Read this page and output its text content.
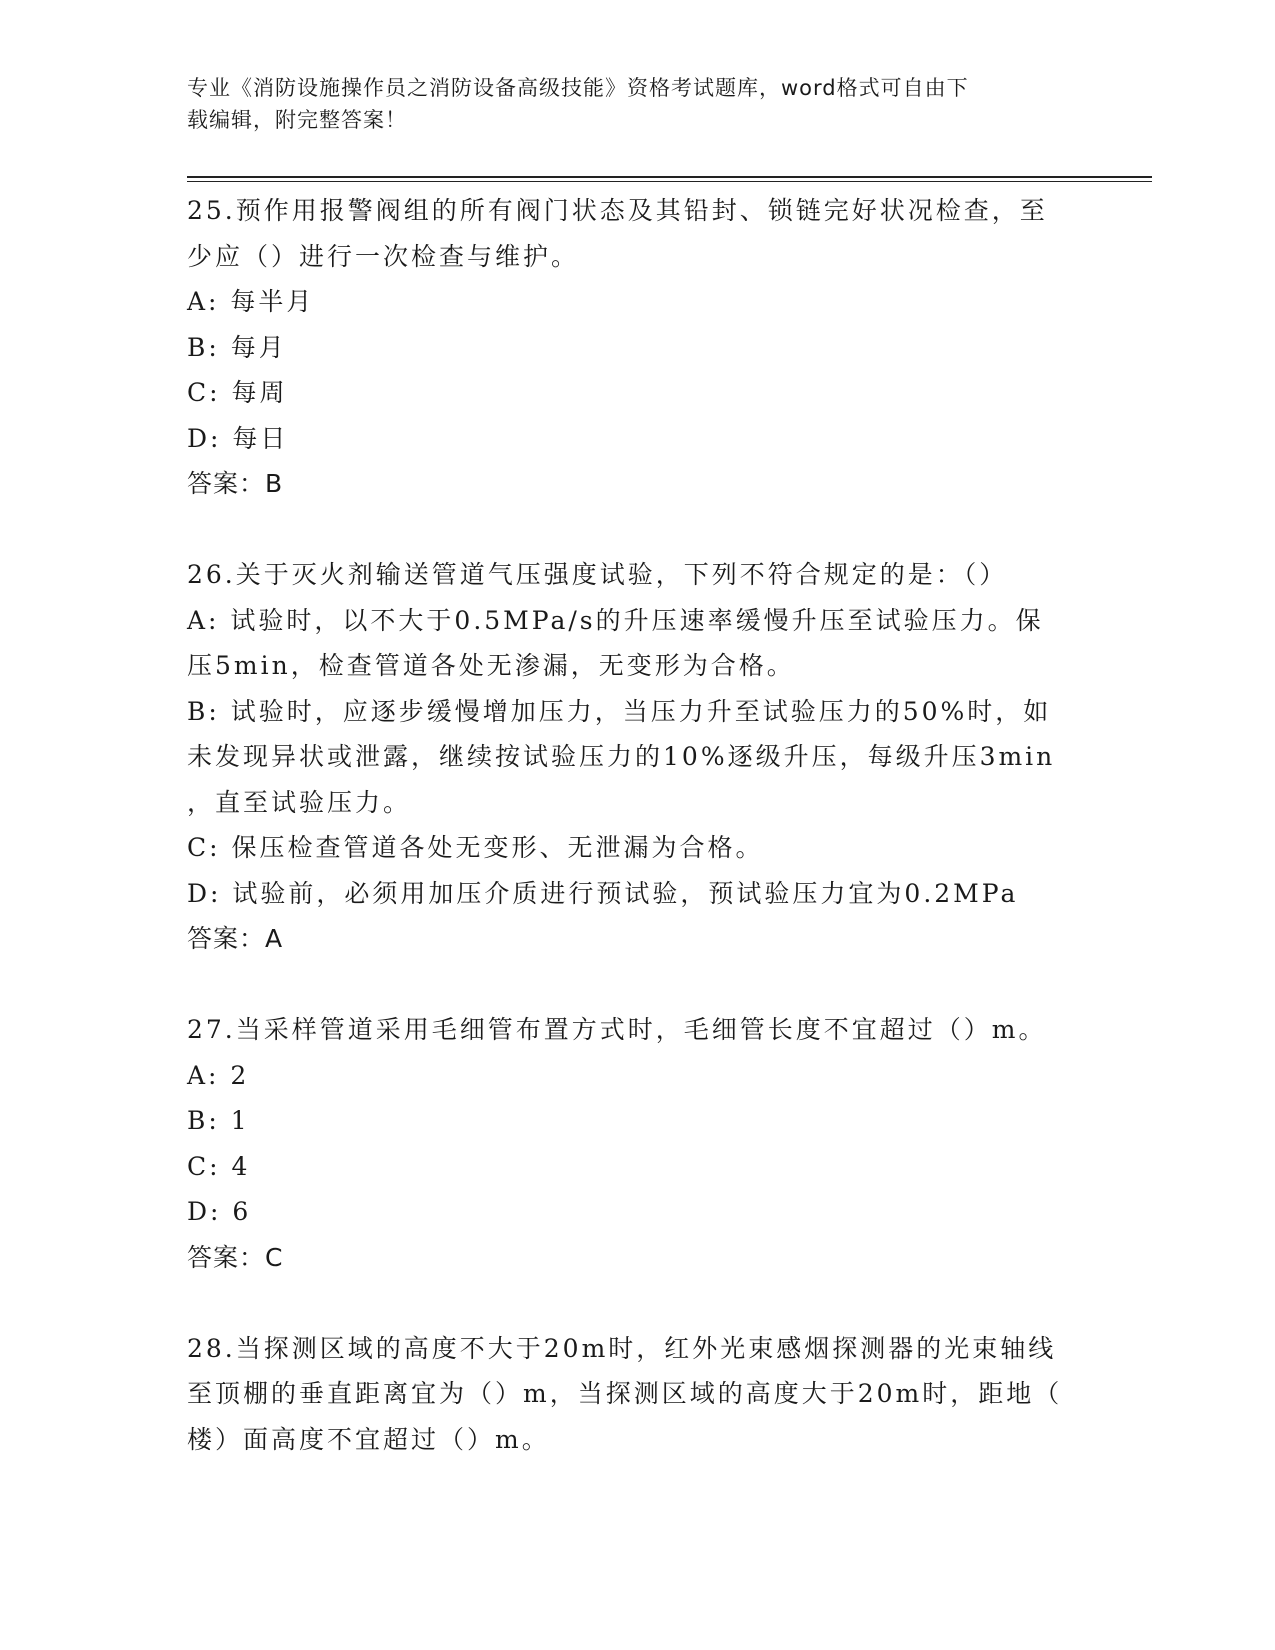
专业《消防设施操作员之消防设备高级技能》资格考试题库，word格式可自由下
载编辑，附完整答案！
25.预作用报警阀组的所有阀门状态及其铅封、锁链完好状况检查，至
少应（）进行一次检查与维护。
A: 每半月
B: 每月
C: 每周
D: 每日
答案：B
26.关于灭火剂输送管道气压强度试验，下列不符合规定的是：（）
A: 试验时，以不大于0.5MPa/s的升压速率缓慢升压至试验压力。保
压5min，检查管道各处无渗漏，无变形为合格。
B: 试验时，应逐步缓慢增加压力，当压力升至试验压力的50%时，如
未发现异状或泄露，继续按试验压力的10%逐级升压，每级升压3min
，直至试验压力。
C: 保压检查管道各处无变形、无泄漏为合格。
D: 试验前，必须用加压介质进行预试验，预试验压力宜为0.2MPa
答案：A
27.当采样管道采用毛细管布置方式时，毛细管长度不宜超过（）m。
A: 2
B: 1
C: 4
D: 6
答案：C
28.当探测区域的高度不大于20m时，红外光束感烟探测器的光束轴线
至顶棚的垂直距离宜为（）m，当探测区域的高度大于20m时，距地（
楼）面高度不宜超过（）m。
